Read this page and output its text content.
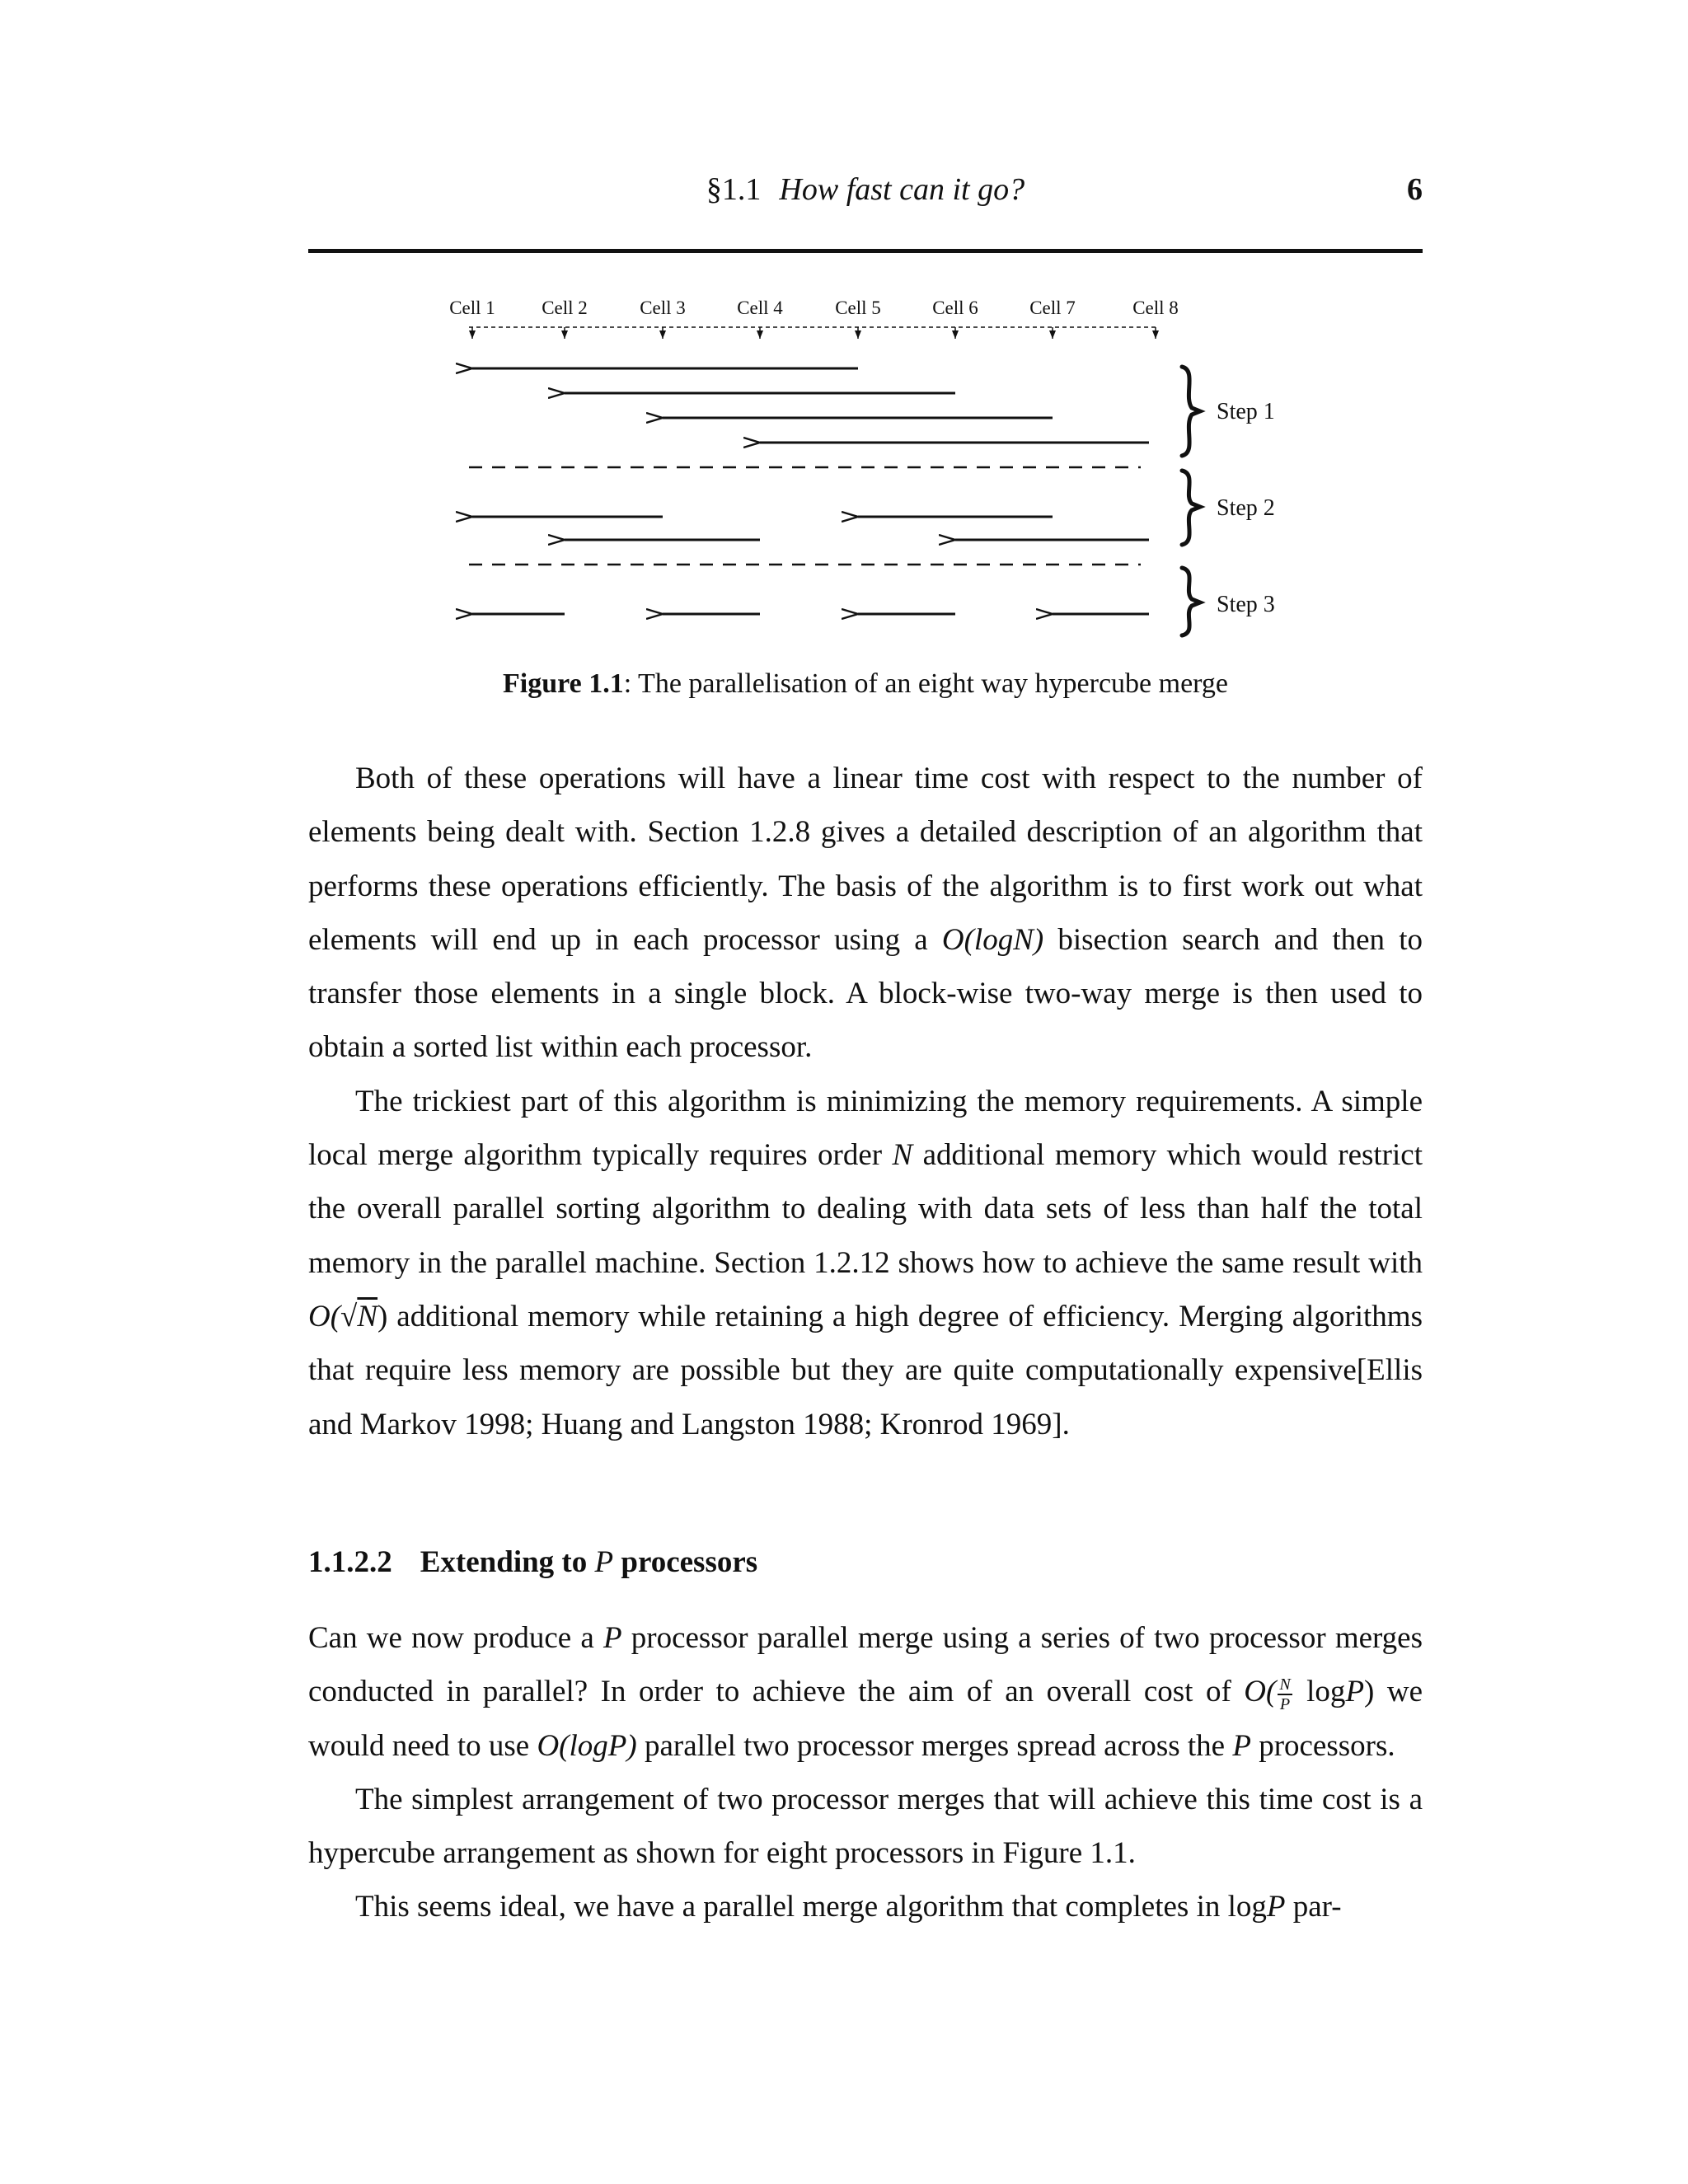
§1.1 How fast can it go?	6
Cell 1 Cell 2	Cell 3	Cell 4	Cell 5	Cell 6	Cell 7	Cell 8
Step 1
Step 2
Step 3
Figure 1.1: The parallelisation of an eight way hypercube merge

Both of these operations will have a linear time cost with respect to the number of elements being dealt with. Section 1.2.8 gives a detailed description of an algorithm that performs these operations efficiently. The basis of the algorithm is to first work out what elements will end up in each processor using a O(logN) bisection search and then to transfer those elements in a single block. A block-wise two-way merge is then used to obtain a sorted list within each processor.

The trickiest part of this algorithm is minimizing the memory requirements. A simple local merge algorithm typically requires order N additional memory which would restrict the overall parallel sorting algorithm to dealing with data sets of less than half the total memory in the parallel machine. Section 1.2.12 shows how to achieve the same result with O(√N) additional memory while retaining a high degree of efficiency. Merging algorithms that require less memory are possible but they are quite computationally expensive[Ellis and Markov 1998; Huang and Langston 1988; Kronrod 1969].

1.1.2.2 Extending to P processors

Can we now produce a P processor parallel merge using a series of two processor merges conducted in parallel? In order to achieve the aim of an overall cost of $O( \frac{N}{P} \log P)$ we would need to use O(logP) parallel two processor merges spread across the P processors.

The simplest arrangement of two processor merges that will achieve this time cost is a hypercube arrangement as shown for eight processors in Figure 1.1.

This seems ideal, we have a parallel merge algorithm that completes in logP par-
